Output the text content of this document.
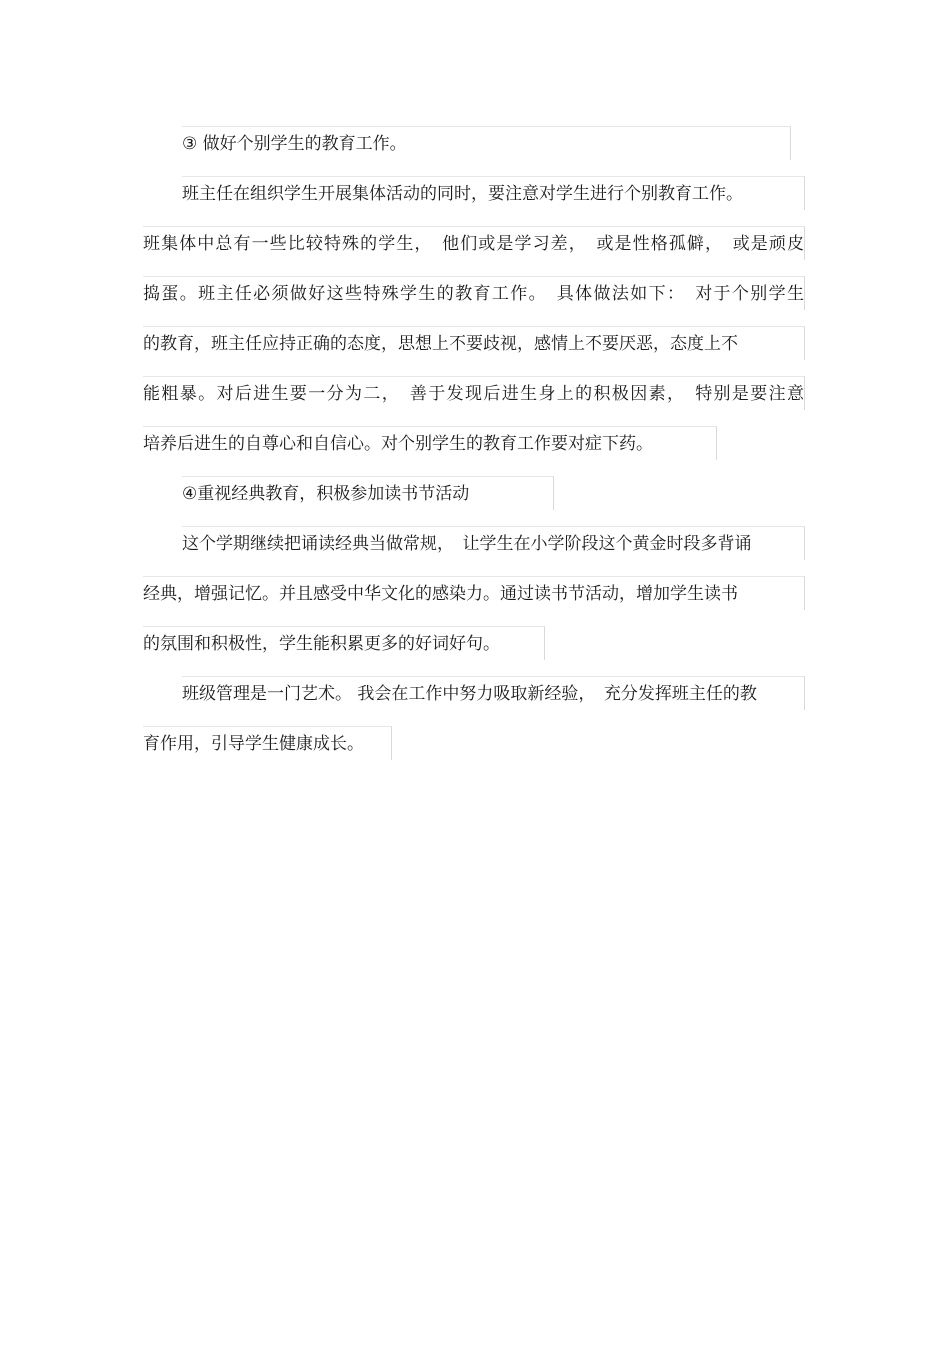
③ 做好个别学生的教育工作。
班主任在组织学生开展集体活动的同时，要注意对学生进行个别教育工作。
班集体中总有一些比较特殊的学生，　他们或是学习差，　或是性格孤僻，　或是顽皮
捣蛋。班主任必须做好这些特殊学生的教育工作。　具体做法如下：　对于个别学生
的教育，班主任应持正确的态度，思想上不要歧视，感情上不要厌恶，态度上不
能粗暴。对后进生要一分为二，　善于发现后进生身上的积极因素，　特别是要注意
培养后进生的自尊心和自信心。对个别学生的教育工作要对症下药。
④重视经典教育，积极参加读书节活动
这个学期继续把诵读经典当做常规，　让学生在小学阶段这个黄金时段多背诵
经典，增强记忆。并且感受中华文化的感染力。通过读书节活动，增加学生读书
的氛围和积极性，学生能积累更多的好词好句。
班级管理是一门艺术。 我会在工作中努力吸取新经验，　充分发挥班主任的教
育作用，引导学生健康成长。
